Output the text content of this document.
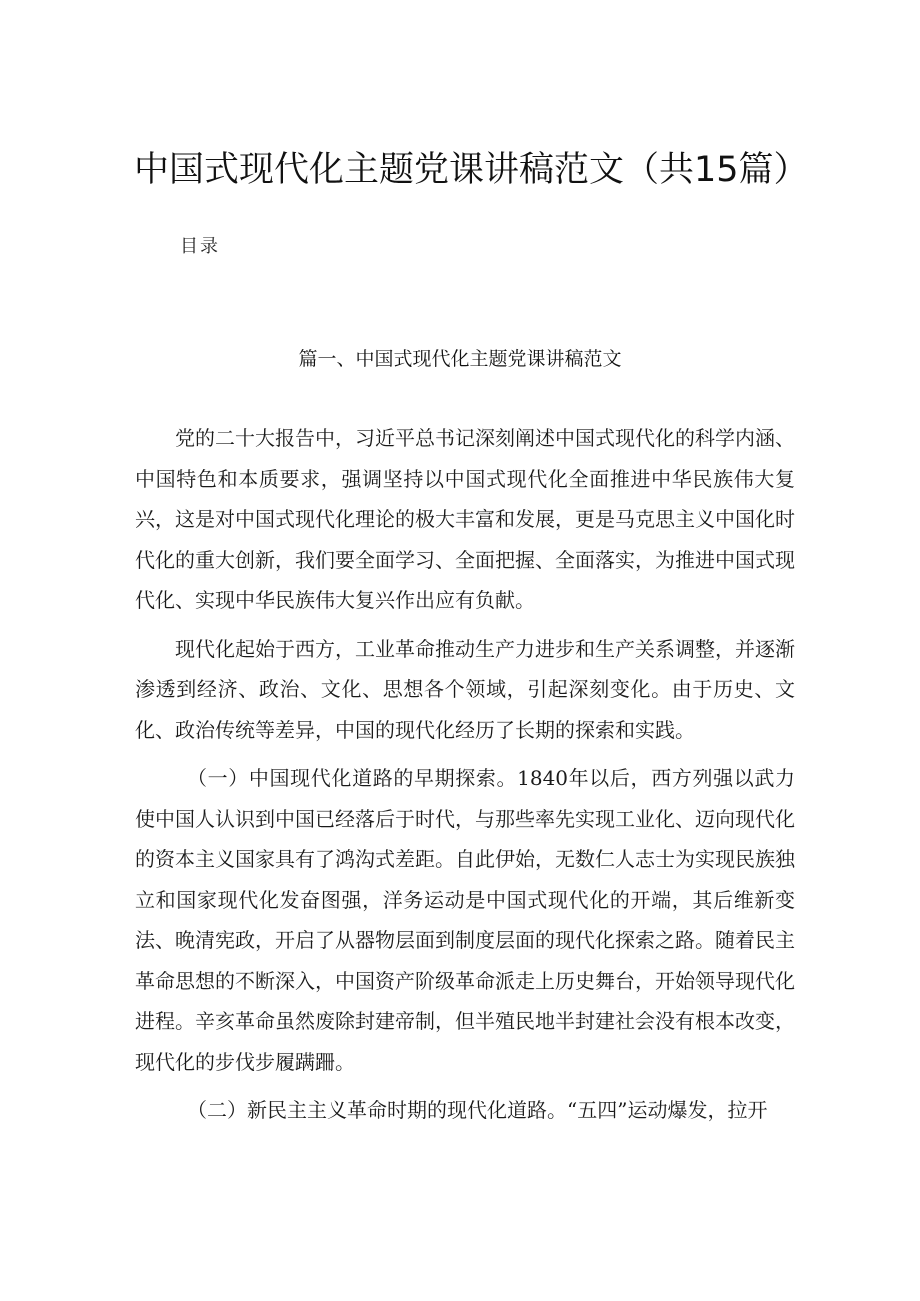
中国式现代化主题党课讲稿范文（共15篇）
目录
篇一、中国式现代化主题党课讲稿范文

党的二十大报告中，习近平总书记深刻阐述中国式现代化的科学内涵、中国特色和本质要求，强调坚持以中国式现代化全面推进中华民族伟大复兴，这是对中国式现代化理论的极大丰富和发展，更是马克思主义中国化时代化的重大创新，我们要全面学习、全面把握、全面落实，为推进中国式现代化、实现中华民族伟大复兴作出应有负献。

现代化起始于西方，工业革命推动生产力进步和生产关系调整，并逐渐渗透到经济、政治、文化、思想各个领域，引起深刻变化。由于历史、文化、政治传统等差异，中国的现代化经历了长期的探索和实践。

（一）中国现代化道路的早期探索。1840年以后，西方列强以武力使中国人认识到中国已经落后于时代，与那些率先实现工业化、迈向现代化的资本主义国家具有了鸿沟式差距。自此伊始，无数仁人志士为实现民族独立和国家现代化发奋图强，洋务运动是中国式现代化的开端，其后维新变法、晚清宪政，开启了从器物层面到制度层面的现代化探索之路。随着民主革命思想的不断深入，中国资产阶级革命派走上历史舞台，开始领导现代化进程。辛亥革命虽然废除封建帝制，但半殖民地半封建社会没有根本改变，现代化的步伐步履蹒跚。

（二）新民主主义革命时期的现代化道路。“五四”运动爆发，拉开
